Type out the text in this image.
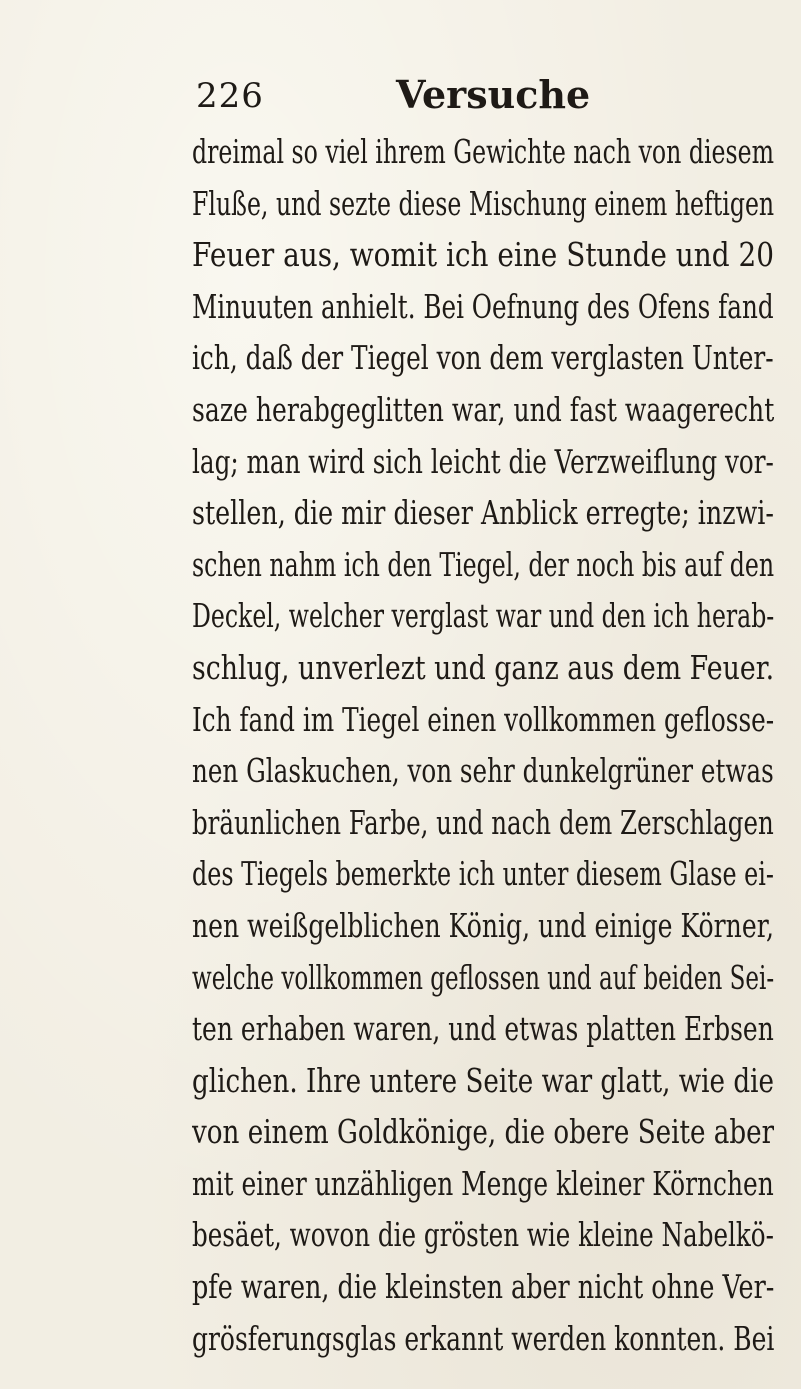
226	Versuche
dreimal so viel ihrem Gewichte nach von diesem
Fluße, und sezte diese Mischung einem heftigen
Feuer aus, womit ich eine Stunde und 20
Minuuten anhielt. Bei Oefnung des Ofens fand
ich, daß der Tiegel von dem verglasten Unter-
saze herabgeglitten war, und fast waagerecht
lag; man wird sich leicht die Verzweiflung vor-
stellen, die mir dieser Anblick erregte; inzwi-
schen nahm ich den Tiegel, der noch bis auf den
Deckel, welcher verglast war und den ich herab-
schlug, unverlezt und ganz aus dem Feuer.
Ich fand im Tiegel einen vollkommen geflosse-
nen Glaskuchen, von sehr dunkelgrüner etwas
bräunlichen Farbe, und nach dem Zerschlagen
des Tiegels bemerkte ich unter diesem Glase ei-
nen weißgelblichen König, und einige Körner,
welche vollkommen geflossen und auf beiden Sei-
ten erhaben waren, und etwas platten Erbsen
glichen. Ihre untere Seite war glatt, wie die
von einem Goldkönige, die obere Seite aber
mit einer unzähligen Menge kleiner Körnchen
besäet, wovon die grösten wie kleine Nabelkö-
pfe waren, die kleinsten aber nicht ohne Ver-
grösferungsglas erkannt werden konnten. Bei
